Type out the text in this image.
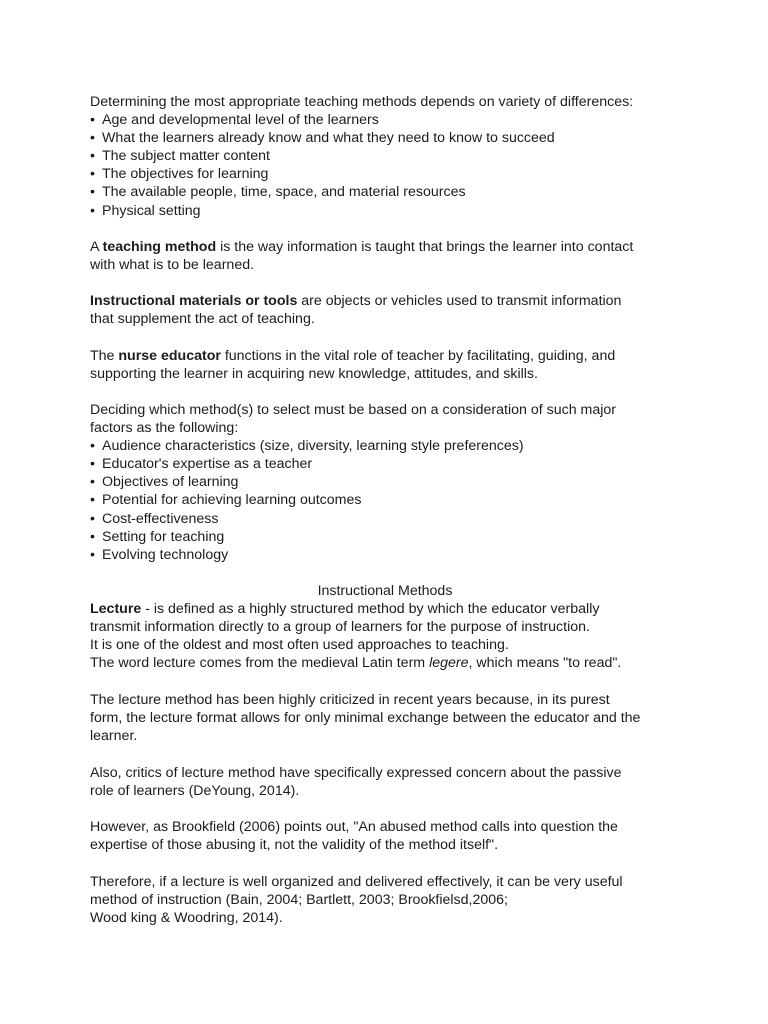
Determining the most appropriate teaching methods depends on variety of differences:

• Age and developmental level of the learners

• What the learners already know and what they need to know to succeed

• The subject matter content

• The objectives for learning

• The available people, time, space, and material resources

• Physical setting

A teaching method is the way information is taught that brings the learner into contact

with what is to be learned.

Instructional materials or tools are objects or vehicles used to transmit information

that supplement the act of teaching.

The nurse educator functions in the vital role of teacher by facilitating, guiding, and

supporting the learner in acquiring new knowledge, attitudes, and skills.

Deciding which method(s) to select must be based on a consideration of such major

factors as the following:

• Audience characteristics (size, diversity, learning style preferences)

• Educator's expertise as a teacher

• Objectives of learning

• Potential for achieving learning outcomes

• Cost-effectiveness

• Setting for teaching

• Evolving technology

Instructional Methods

Lecture - is defined as a highly structured method by which the educator verbally

transmit information directly to a group of learners for the purpose of instruction.

It is one of the oldest and most often used approaches to teaching.

The word lecture comes from the medieval Latin term legere, which means "to read".

The lecture method has been highly criticized in recent years because, in its purest

form, the lecture format allows for only minimal exchange between the educator and the

learner.

Also, critics of lecture method have specifically expressed concern about the passive

role of learners (DeYoung, 2014).

However, as Brookfield (2006) points out, "An abused method calls into question the

expertise of those abusing it, not the validity of the method itself".

Therefore, if a lecture is well organized and delivered effectively, it can be very useful

method of instruction (Bain, 2004; Bartlett, 2003; Brookfielsd,2006;

Wood king & Woodring, 2014).
